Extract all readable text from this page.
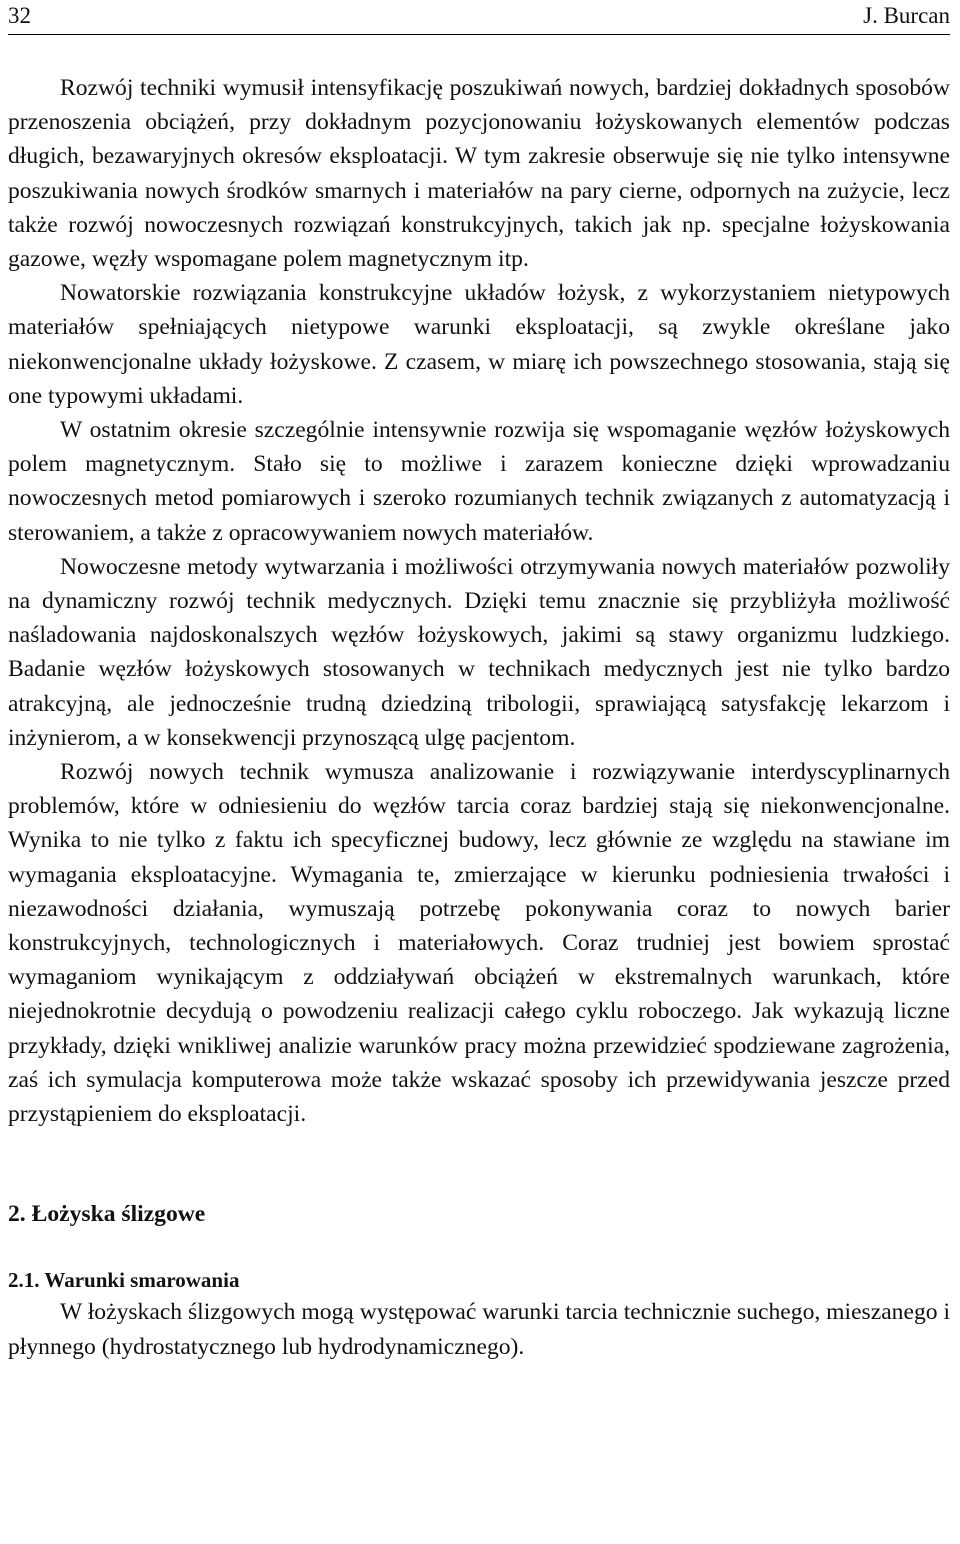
32	J. Burcan

Rozwój techniki wymusił intensyfikację poszukiwań nowych, bardziej dokładnych sposobów przenoszenia obciążeń, przy dokładnym pozycjonowaniu łożyskowanych elementów podczas długich, bezawaryjnych okresów eksploatacji. W tym zakresie obserwuje się nie tylko intensywne poszukiwania nowych środków smarnych i materiałów na pary cierne, odpornych na zużycie, lecz także rozwój nowoczesnych rozwiązań konstrukcyjnych, takich jak np. specjalne łożyskowania gazowe, węzły wspomagane polem magnetycznym itp.

Nowatorskie rozwiązania konstrukcyjne układów łożysk, z wykorzystaniem nietypowych materiałów spełniających nietypowe warunki eksploatacji, są zwykle określane jako niekonwencjonalne układy łożyskowe. Z czasem, w miarę ich powszechnego stosowania, stają się one typowymi układami.

W ostatnim okresie szczególnie intensywnie rozwija się wspomaganie węzłów łożyskowych polem magnetycznym. Stało się to możliwe i zarazem konieczne dzięki wprowadzaniu nowoczesnych metod pomiarowych i szeroko rozumianych technik związanych z automatyzacją i sterowaniem, a także z opracowywaniem nowych materiałów.

Nowoczesne metody wytwarzania i możliwości otrzymywania nowych materiałów pozwoliły na dynamiczny rozwój technik medycznych. Dzięki temu znacznie się przybliżyła możliwość naśladowania najdoskonalszych węzłów łożyskowych, jakimi są stawy organizmu ludzkiego. Badanie węzłów łożyskowych stosowanych w technikach medycznych jest nie tylko bardzo atrakcyjną, ale jednocześnie trudną dziedziną tribologii, sprawiającą satysfakcję lekarzom i inżynierom, a w konsekwencji przynoszącą ulgę pacjentom.

Rozwój nowych technik wymusza analizowanie i rozwiązywanie interdyscyplinarnych problemów, które w odniesieniu do węzłów tarcia coraz bardziej stają się niekonwencjonalne. Wynika to nie tylko z faktu ich specyficznej budowy, lecz głównie ze względu na stawiane im wymagania eksploatacyjne. Wymagania te, zmierzające w kierunku podniesienia trwałości i niezawodności działania, wymuszają potrzebę pokonywania coraz to nowych barier konstrukcyjnych, technologicznych i materiałowych. Coraz trudniej jest bowiem sprostać wymaganiom wynikającym z oddziaływań obciążeń w ekstremalnych warunkach, które niejednokrotnie decydują o powodzeniu realizacji całego cyklu roboczego. Jak wykazują liczne przykłady, dzięki wnikliwej analizie warunków pracy można przewidzieć spodziewane zagrożenia, zaś ich symulacja komputerowa może także wskazać sposoby ich przewidywania jeszcze przed przystąpieniem do eksploatacji.

2. Łożyska ślizgowe
2.1. Warunki smarowania

W łożyskach ślizgowych mogą występować warunki tarcia technicznie suchego, mieszanego i płynnego (hydrostatycznego lub hydrodynamicznego).
